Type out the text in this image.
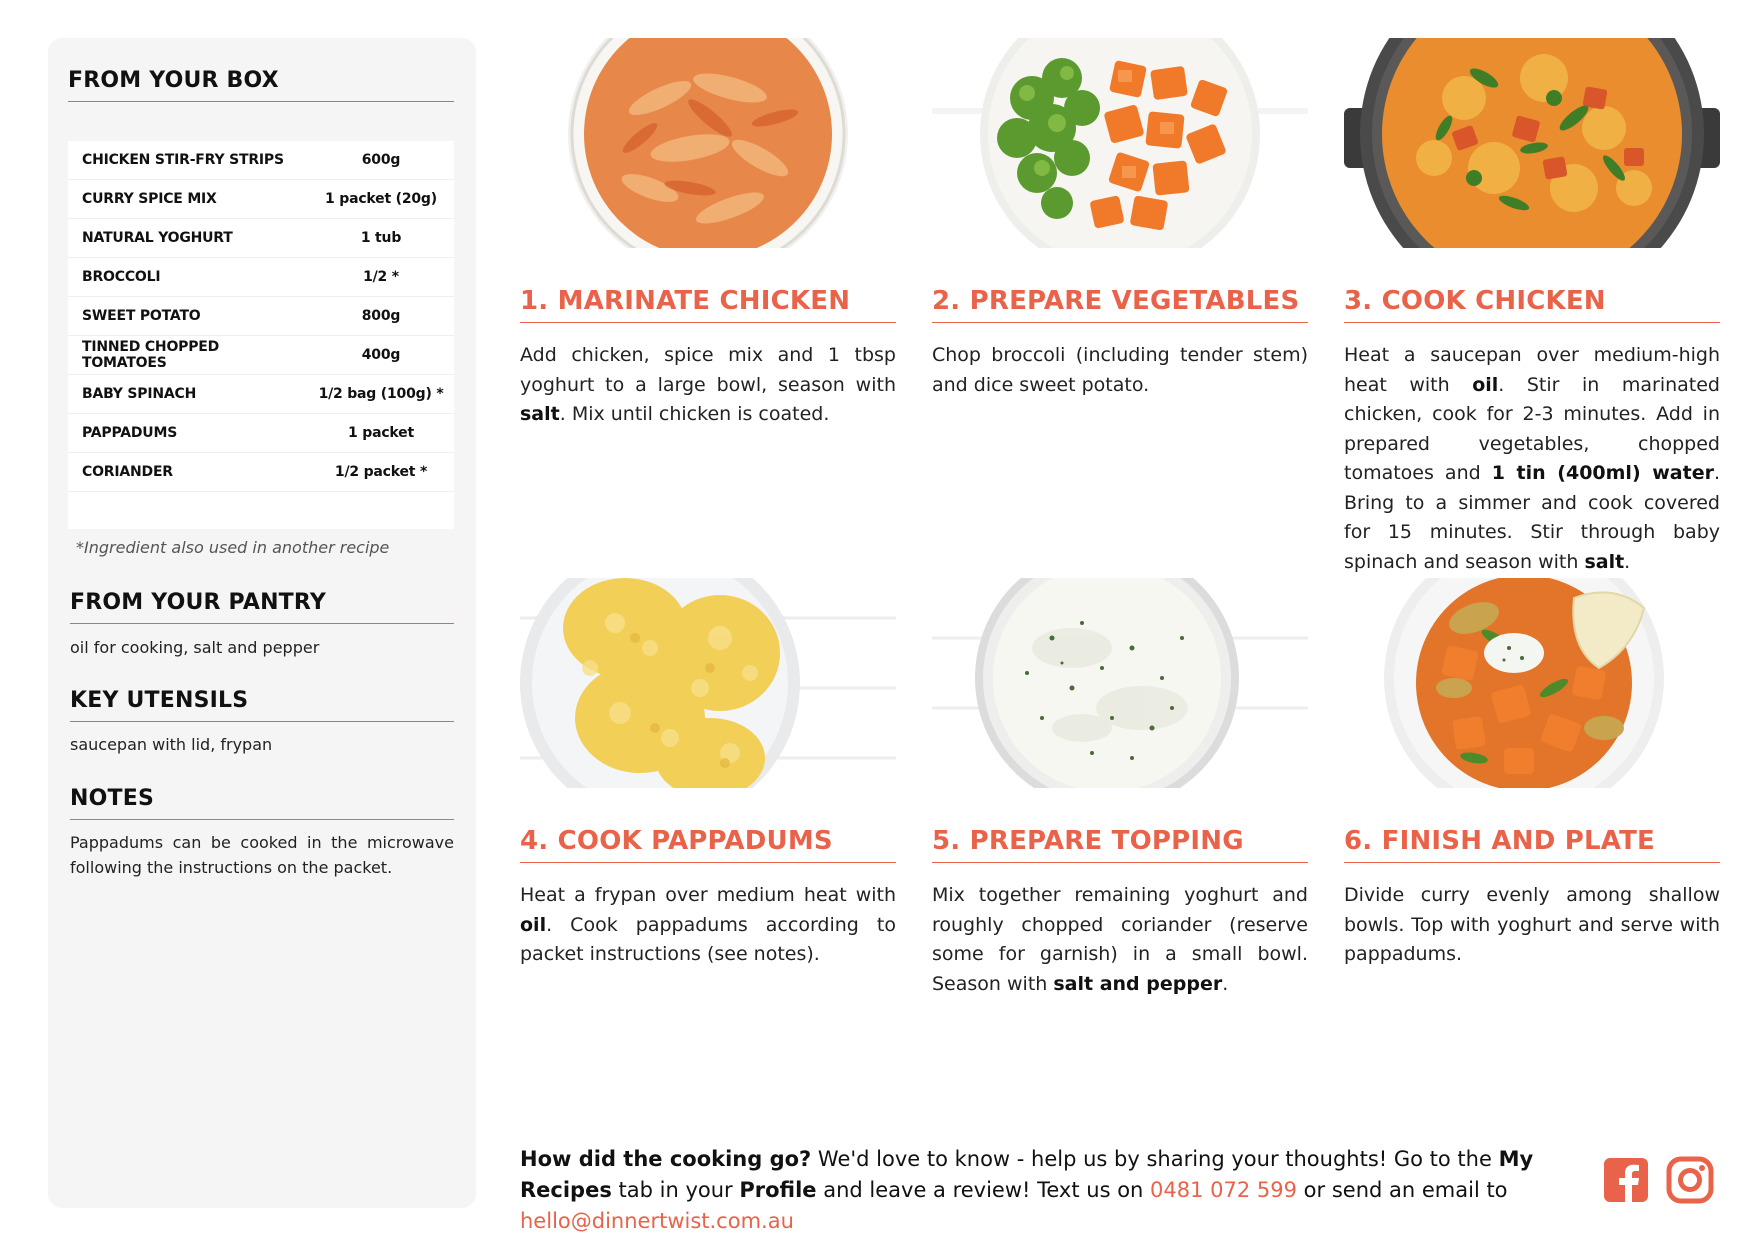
FROM YOUR BOX
CHICKEN STIR-FRY STRIPS	600g
CURRY SPICE MIX	1 packet (20g)
NATURAL YOGHURT	1 tub
BROCCOLI	1/2 *
SWEET POTATO	800g
TINNED CHOPPED TOMATOES	400g
BABY SPINACH	1/2 bag (100g) *
PAPPADUMS	1 packet
CORIANDER	1/2 packet *
*Ingredient also used in another recipe
FROM YOUR PANTRY
oil for cooking, salt and pepper
KEY UTENSILS
saucepan with lid, frypan
NOTES
Pappadums can be cooked in the microwave following the instructions on the packet.
1. MARINATE CHICKEN
Add chicken, spice mix and 1 tbsp yoghurt to a large bowl, season with salt. Mix until chicken is coated.
2. PREPARE VEGETABLES
Chop broccoli (including tender stem) and dice sweet potato.
3. COOK CHICKEN
Heat a saucepan over medium-high heat with oil. Stir in marinated chicken, cook for 2-3 minutes. Add in prepared vegetables, chopped tomatoes and 1 tin (400ml) water. Bring to a simmer and cook covered for 15 minutes. Stir through baby spinach and season with salt.
4. COOK PAPPADUMS
Heat a frypan over medium heat with oil. Cook pappadums according to packet instructions (see notes).
5. PREPARE TOPPING
Mix together remaining yoghurt and roughly chopped coriander (reserve some for garnish) in a small bowl. Season with salt and pepper.
6. FINISH AND PLATE
Divide curry evenly among shallow bowls. Top with yoghurt and serve with pappadums.
How did the cooking go? We'd love to know - help us by sharing your thoughts! Go to the My Recipes tab in your Profile and leave a review! Text us on 0481 072 599 or send an email to hello@dinnertwist.com.au
